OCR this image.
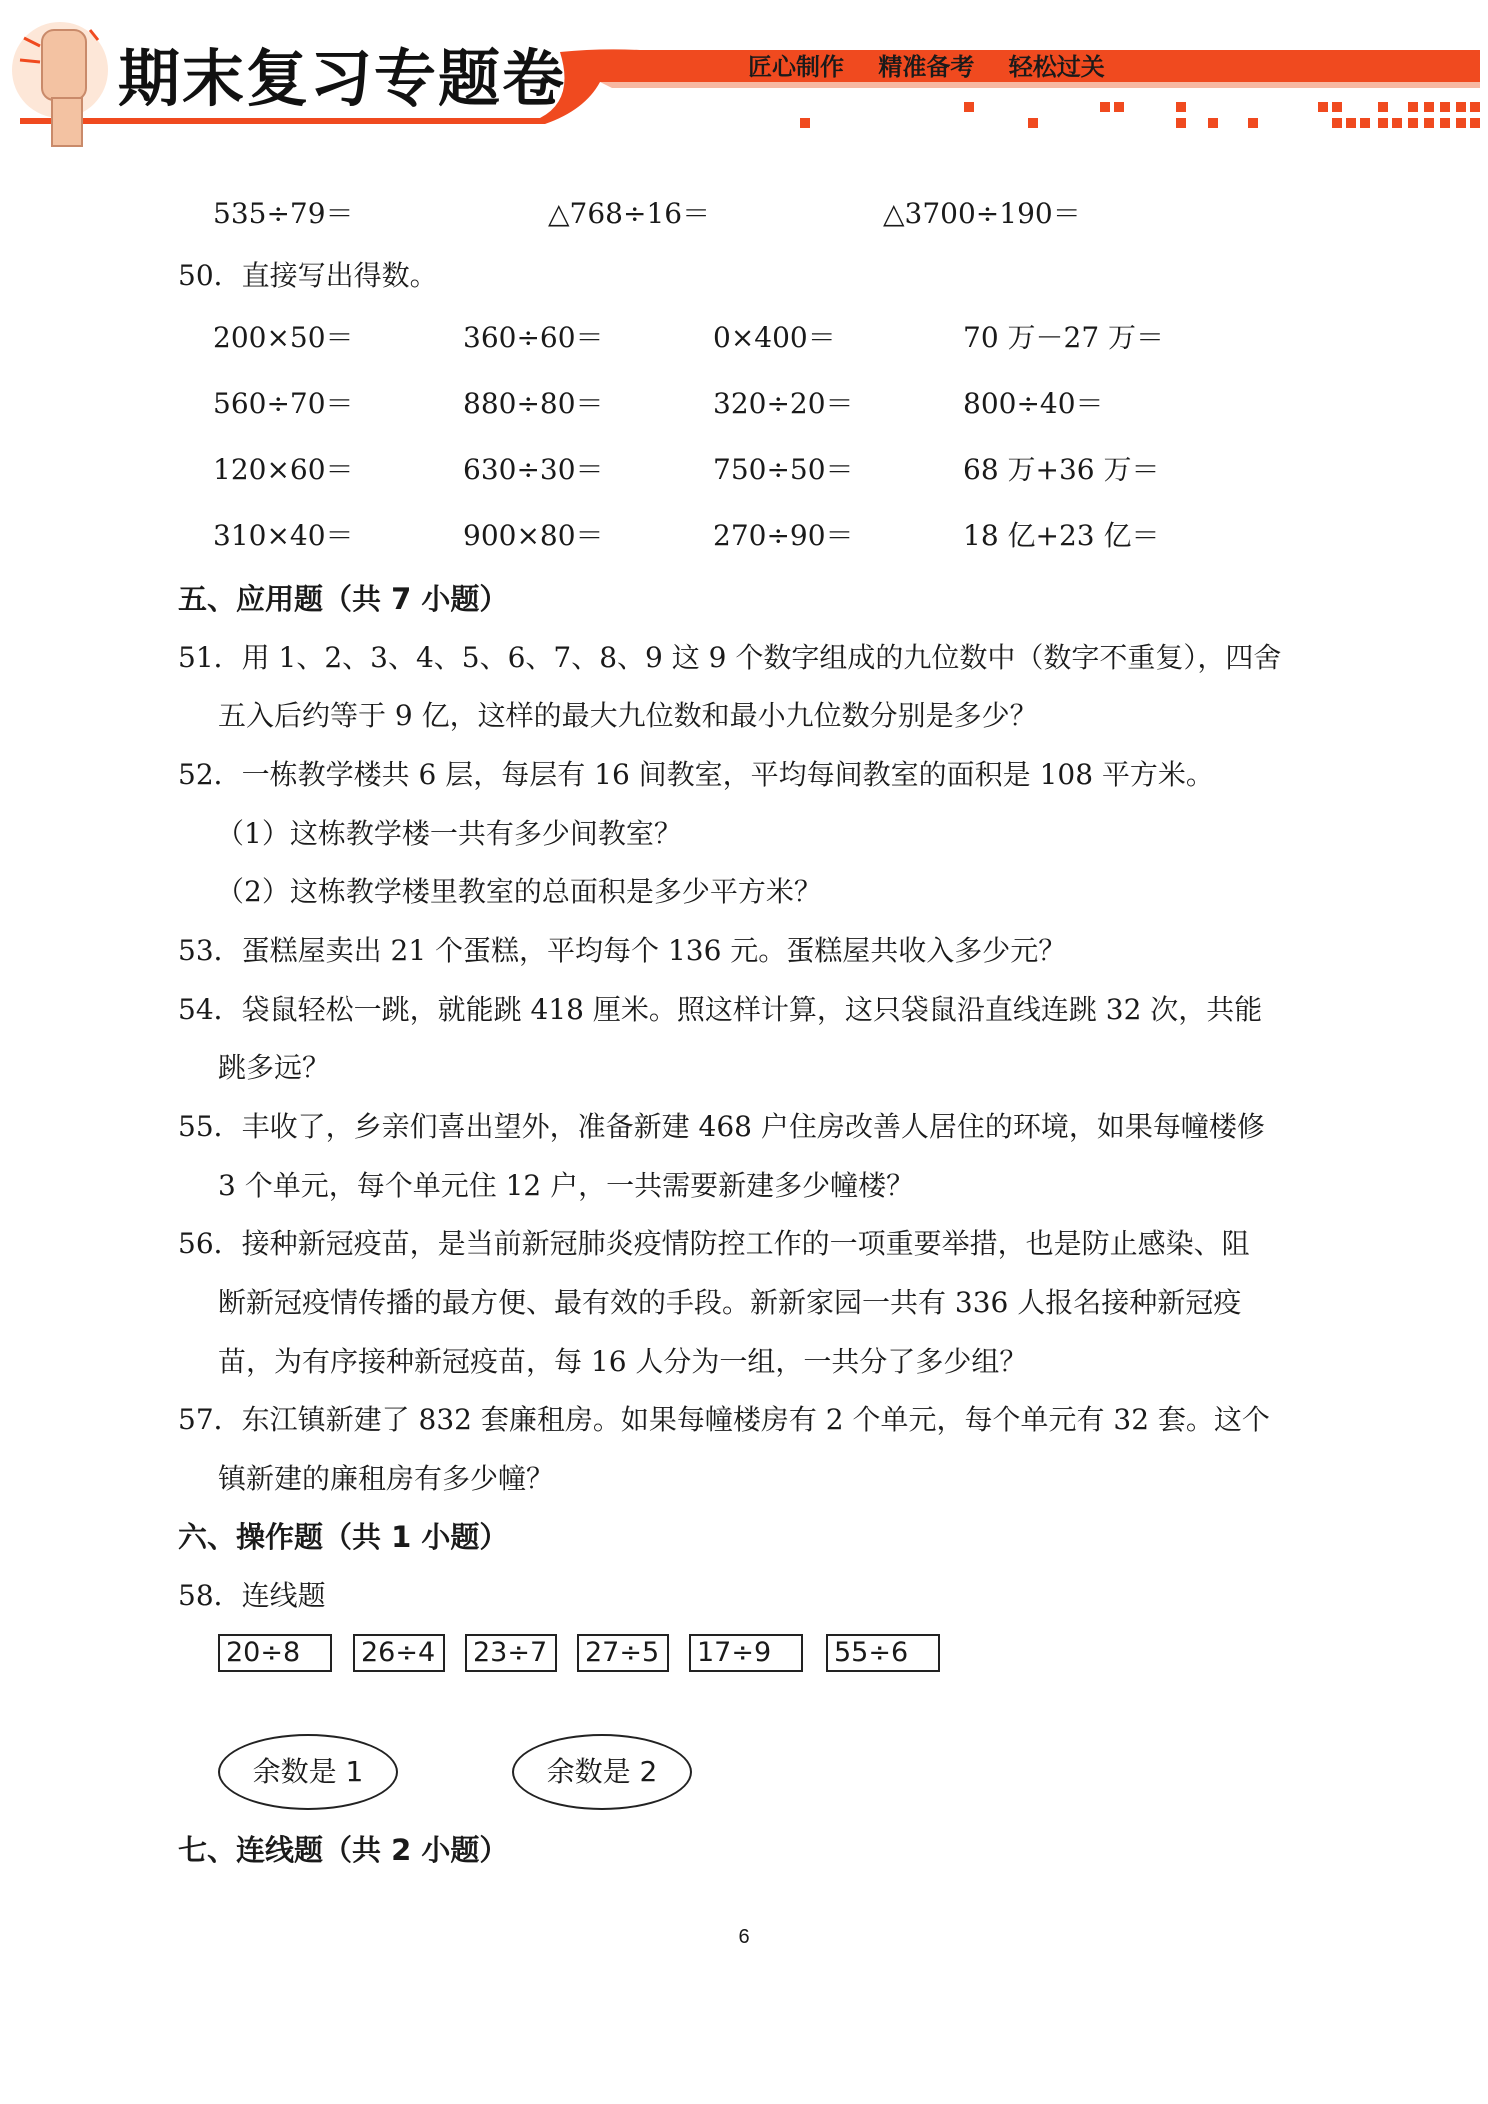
期末复习专题卷	匠心制作 精准备考 轻松过关
535÷79＝	△768÷16＝	△3700÷190＝
50．直接写出得数。
200×50＝	360÷60＝	0×400＝	70 万－27 万＝
560÷70＝	880÷80＝	320÷20＝	800÷40＝
120×60＝	630÷30＝	750÷50＝	68 万+36 万＝
310×40＝	900×80＝	270÷90＝	18 亿+23 亿＝
五、应用题（共 7 小题）
51．用 1、2、3、4、5、6、7、8、9 这 9 个数字组成的九位数中（数字不重复），四舍
五入后约等于 9 亿，这样的最大九位数和最小九位数分别是多少？
52．一栋教学楼共 6 层，每层有 16 间教室，平均每间教室的面积是 108 平方米。
（1）这栋教学楼一共有多少间教室？
（2）这栋教学楼里教室的总面积是多少平方米？
53．蛋糕屋卖出 21 个蛋糕，平均每个 136 元。蛋糕屋共收入多少元？
54．袋鼠轻松一跳，就能跳 418 厘米。照这样计算，这只袋鼠沿直线连跳 32 次，共能
跳多远？
55．丰收了，乡亲们喜出望外，准备新建 468 户住房改善人居住的环境，如果每幢楼修
3 个单元，每个单元住 12 户，一共需要新建多少幢楼？
56．接种新冠疫苗，是当前新冠肺炎疫情防控工作的一项重要举措，也是防止感染、阻
断新冠疫情传播的最方便、最有效的手段。新新家园一共有 336 人报名接种新冠疫
苗，为有序接种新冠疫苗，每 16 人分为一组，一共分了多少组？
57．东江镇新建了 832 套廉租房。如果每幢楼房有 2 个单元，每个单元有 32 套。这个
镇新建的廉租房有多少幢？
六、操作题（共 1 小题）
58．连线题
20÷8	26÷4	23÷7	27÷5	17÷9	55÷6
余数是 1	余数是 2
七、连线题（共 2 小题）
6
